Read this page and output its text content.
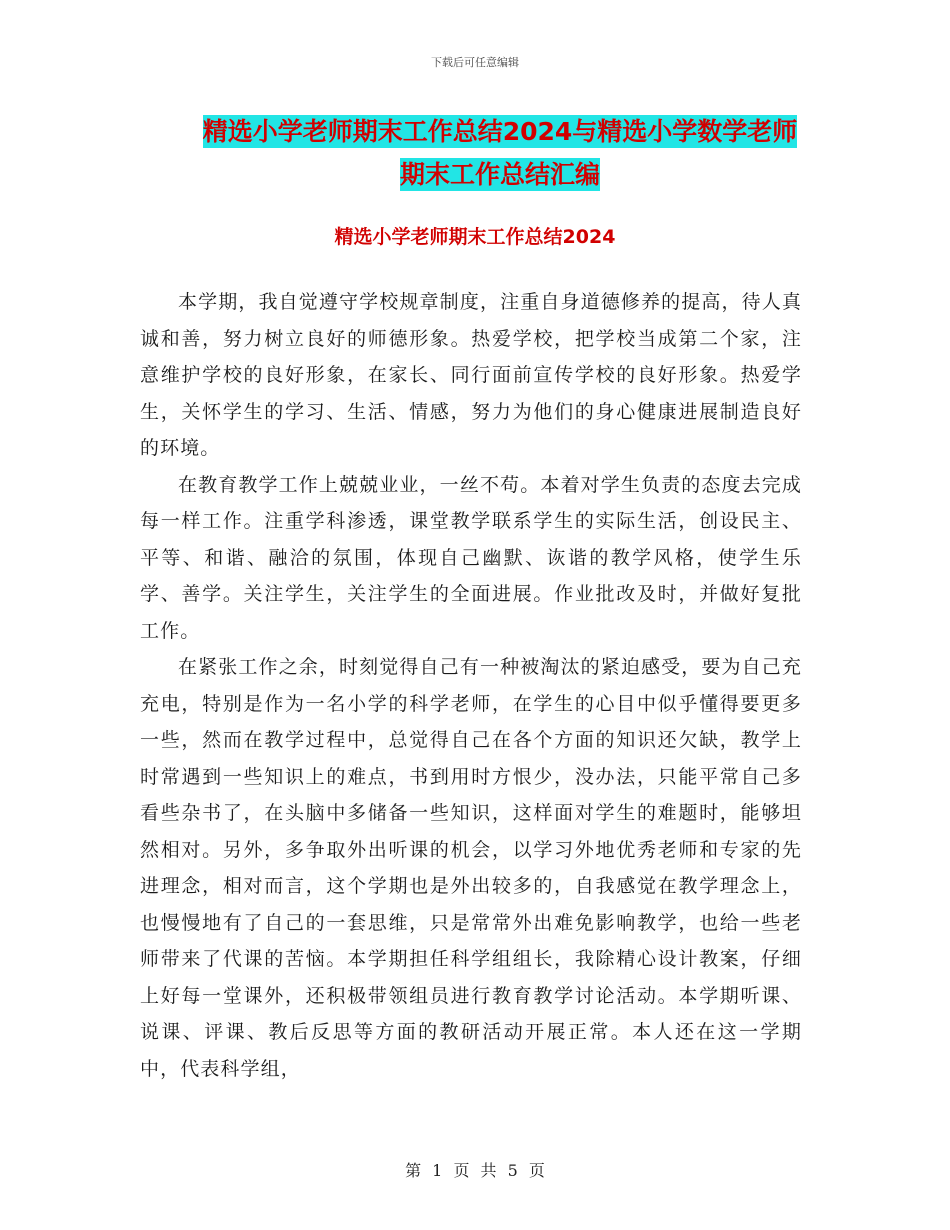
下载后可任意编辑
精选小学老师期末工作总结2024与精选小学数学老师
期末工作总结汇编
精选小学老师期末工作总结2024

本学期，我自觉遵守学校规章制度，注重自身道德修养的提高，待人真诚和善，努力树立良好的师德形象。热爱学校，把学校当成第二个家，注意维护学校的良好形象，在家长、同行面前宣传学校的良好形象。热爱学生，关怀学生的学习、生活、情感，努力为他们的身心健康进展制造良好的环境。

在教育教学工作上兢兢业业，一丝不苟。本着对学生负责的态度去完成每一样工作。注重学科渗透，课堂教学联系学生的实际生活，创设民主、平等、和谐、融洽的氛围，体现自己幽默、诙谐的教学风格，使学生乐学、善学。关注学生，关注学生的全面进展。作业批改及时，并做好复批工作。

在紧张工作之余，时刻觉得自己有一种被淘汰的紧迫感受，要为自己充充电，特别是作为一名小学的科学老师，在学生的心目中似乎懂得要更多一些，然而在教学过程中，总觉得自己在各个方面的知识还欠缺，教学上时常遇到一些知识上的难点，书到用时方恨少，没办法，只能平常自己多看些杂书了，在头脑中多储备一些知识，这样面对学生的难题时，能够坦然相对。另外，多争取外出听课的机会，以学习外地优秀老师和专家的先进理念，相对而言，这个学期也是外出较多的，自我感觉在教学理念上，也慢慢地有了自己的一套思维，只是常常外出难免影响教学，也给一些老师带来了代课的苦恼。本学期担任科学组组长，我除精心设计教案，仔细上好每一堂课外，还积极带领组员进行教育教学讨论活动。本学期听课、说课、评课、教后反思等方面的教研活动开展正常。本人还在这一学期中，代表科学组，

第 1 页 共 5 页
